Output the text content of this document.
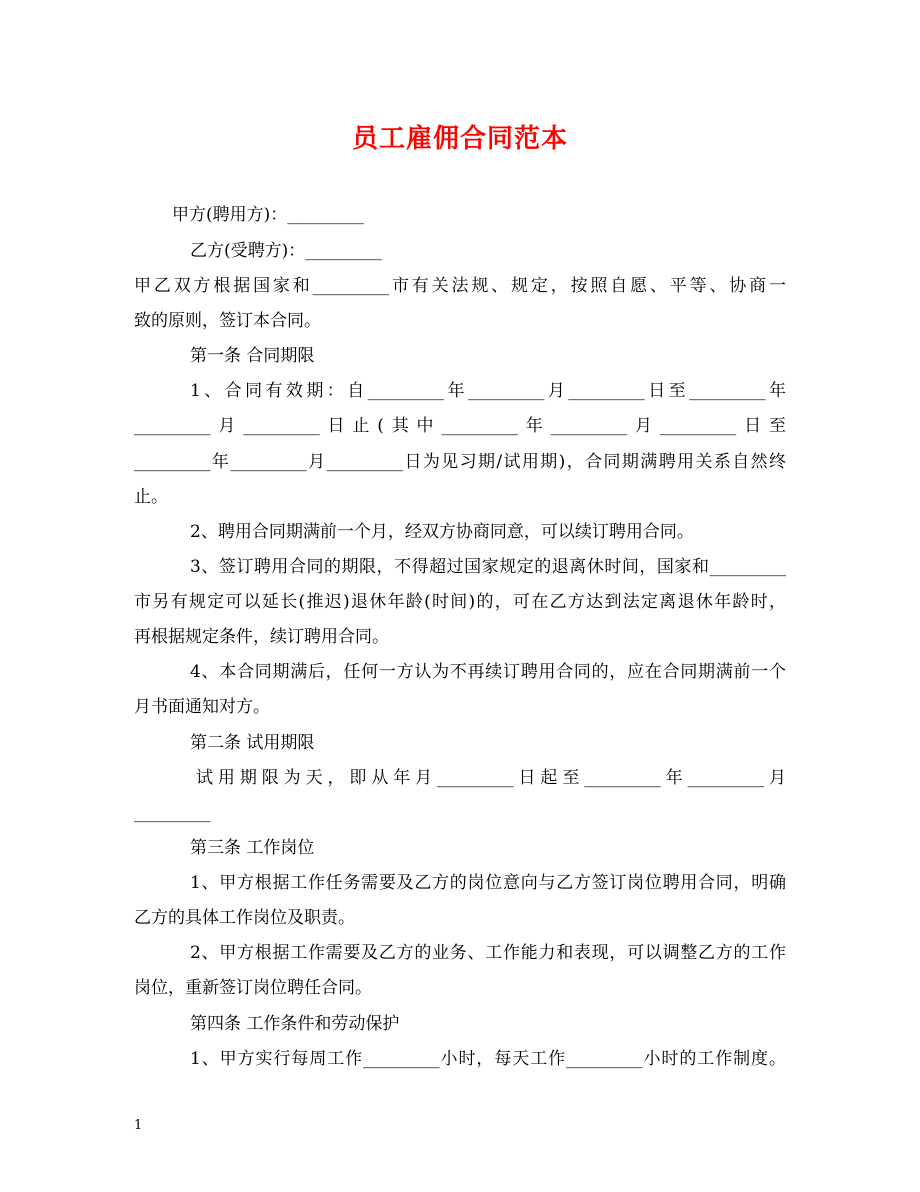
员工雇佣合同范本

甲方(聘用方)：_________

乙方(受聘方)：_________

甲乙双方根据国家和_________市有关法规、规定，按照自愿、平等、协商一

致的原则，签订本合同。

第一条 合同期限

1、合同有效期：自_________年_________月_________日至_________年

_________月_________日止(其中_________年_________月_________日至

_________年_________月_________日为见习期/试用期)，合同期满聘用关系自然终

止。

2、聘用合同期满前一个月，经双方协商同意，可以续订聘用合同。

3、签订聘用合同的期限，不得超过国家规定的退离休时间，国家和_________

市另有规定可以延长(推迟)退休年龄(时间)的，可在乙方达到法定离退休年龄时，

再根据规定条件，续订聘用合同。

4、本合同期满后，任何一方认为不再续订聘用合同的，应在合同期满前一个

月书面通知对方。

第二条 试用期限

试用期限为天，即从年月_________日起至_________年_________月

_________

第三条 工作岗位

1、甲方根据工作任务需要及乙方的岗位意向与乙方签订岗位聘用合同，明确

乙方的具体工作岗位及职责。

2、甲方根据工作需要及乙方的业务、工作能力和表现，可以调整乙方的工作

岗位，重新签订岗位聘任合同。

第四条 工作条件和劳动保护

1、甲方实行每周工作_________小时，每天工作_________小时的工作制度。

1
